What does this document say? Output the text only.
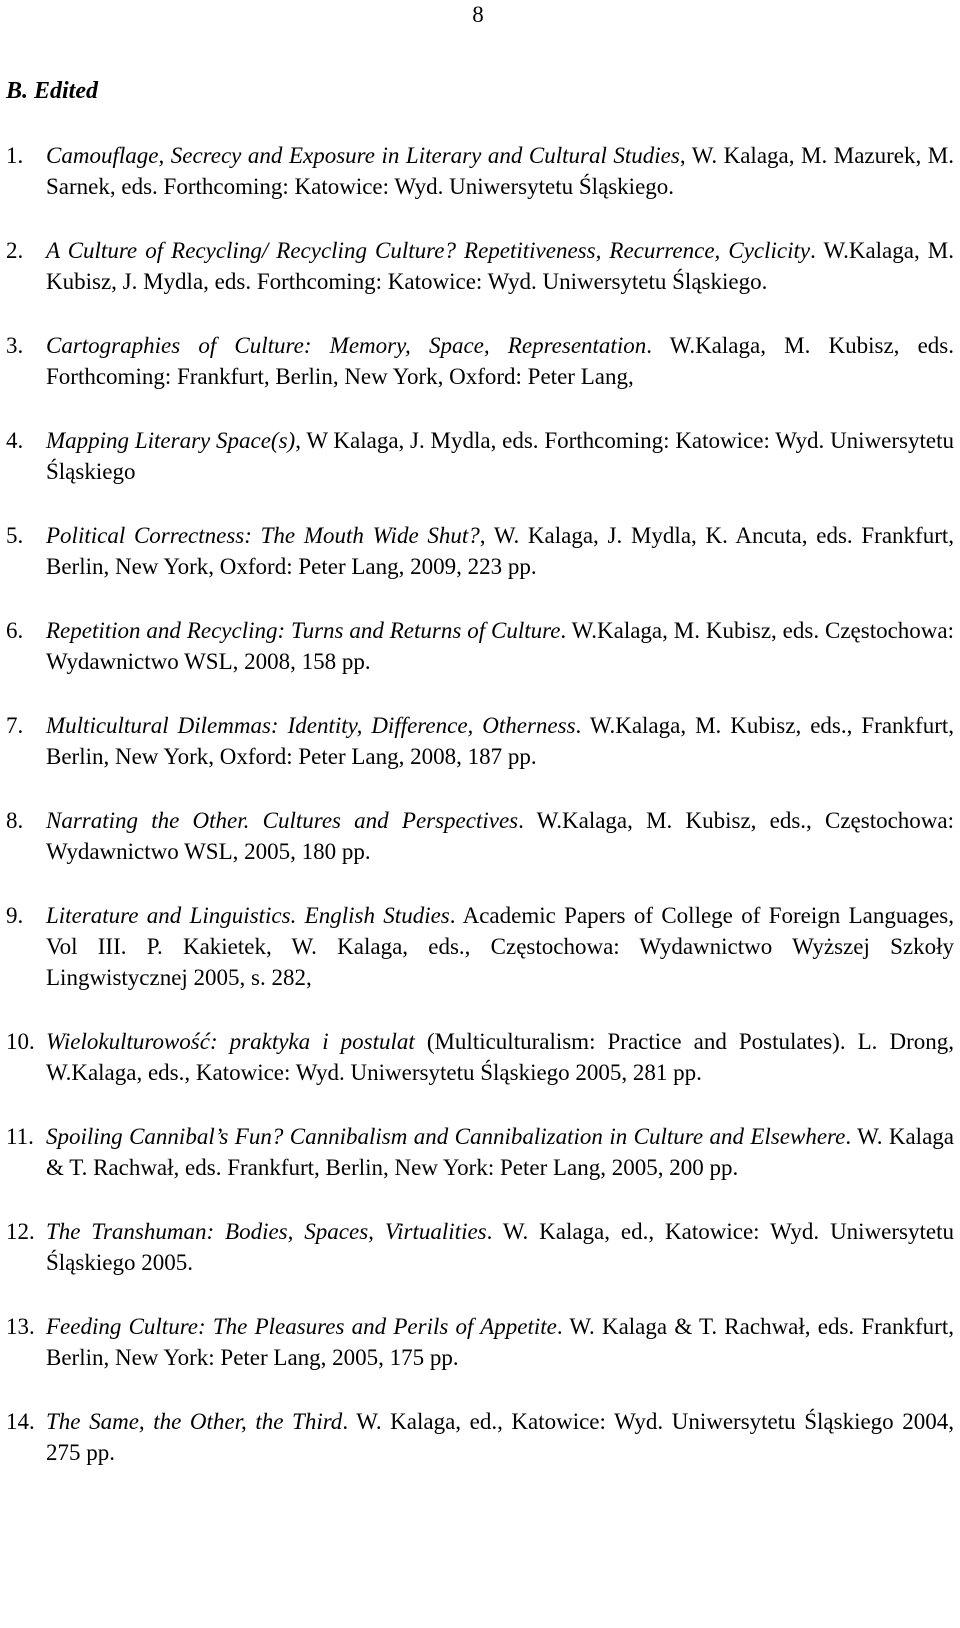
8
B. Edited
1. Camouflage, Secrecy and Exposure in Literary and Cultural Studies, W. Kalaga, M. Mazurek, M. Sarnek, eds. Forthcoming: Katowice: Wyd. Uniwersytetu Śląskiego.
2. A Culture of Recycling/ Recycling Culture? Repetitiveness, Recurrence, Cyclicity. W.Kalaga, M. Kubisz, J. Mydla, eds. Forthcoming: Katowice: Wyd. Uniwersytetu Śląskiego.
3. Cartographies of Culture: Memory, Space, Representation. W.Kalaga, M. Kubisz, eds. Forthcoming: Frankfurt, Berlin, New York, Oxford: Peter Lang,
4. Mapping Literary Space(s), W Kalaga, J. Mydla, eds. Forthcoming: Katowice: Wyd. Uniwersytetu Śląskiego
5. Political Correctness: The Mouth Wide Shut?, W. Kalaga, J. Mydla, K. Ancuta, eds. Frankfurt, Berlin, New York, Oxford: Peter Lang, 2009, 223 pp.
6. Repetition and Recycling: Turns and Returns of Culture. W.Kalaga, M. Kubisz, eds. Częstochowa: Wydawnictwo WSL, 2008, 158 pp.
7. Multicultural Dilemmas: Identity, Difference, Otherness. W.Kalaga, M. Kubisz, eds., Frankfurt, Berlin, New York, Oxford: Peter Lang, 2008, 187 pp.
8. Narrating the Other. Cultures and Perspectives. W.Kalaga, M. Kubisz, eds., Częstochowa: Wydawnictwo WSL, 2005, 180 pp.
9. Literature and Linguistics. English Studies. Academic Papers of College of Foreign Languages, Vol III. P. Kakietek, W. Kalaga, eds., Częstochowa: Wydawnictwo Wyższej Szkoły Lingwistycznej 2005, s. 282,
10. Wielokulturowość: praktyka i postulat (Multiculturalism: Practice and Postulates). L. Drong, W.Kalaga, eds., Katowice: Wyd. Uniwersytetu Śląskiego 2005, 281 pp.
11. Spoiling Cannibal’s Fun? Cannibalism and Cannibalization in Culture and Elsewhere. W. Kalaga & T. Rachwał, eds. Frankfurt, Berlin, New York: Peter Lang, 2005, 200 pp.
12. The Transhuman: Bodies, Spaces, Virtualities. W. Kalaga, ed., Katowice: Wyd. Uniwersytetu Śląskiego 2005.
13. Feeding Culture: The Pleasures and Perils of Appetite. W. Kalaga & T. Rachwał, eds. Frankfurt, Berlin, New York: Peter Lang, 2005, 175 pp.
14. The Same, the Other, the Third. W. Kalaga, ed., Katowice: Wyd. Uniwersytetu Śląskiego 2004, 275 pp.
